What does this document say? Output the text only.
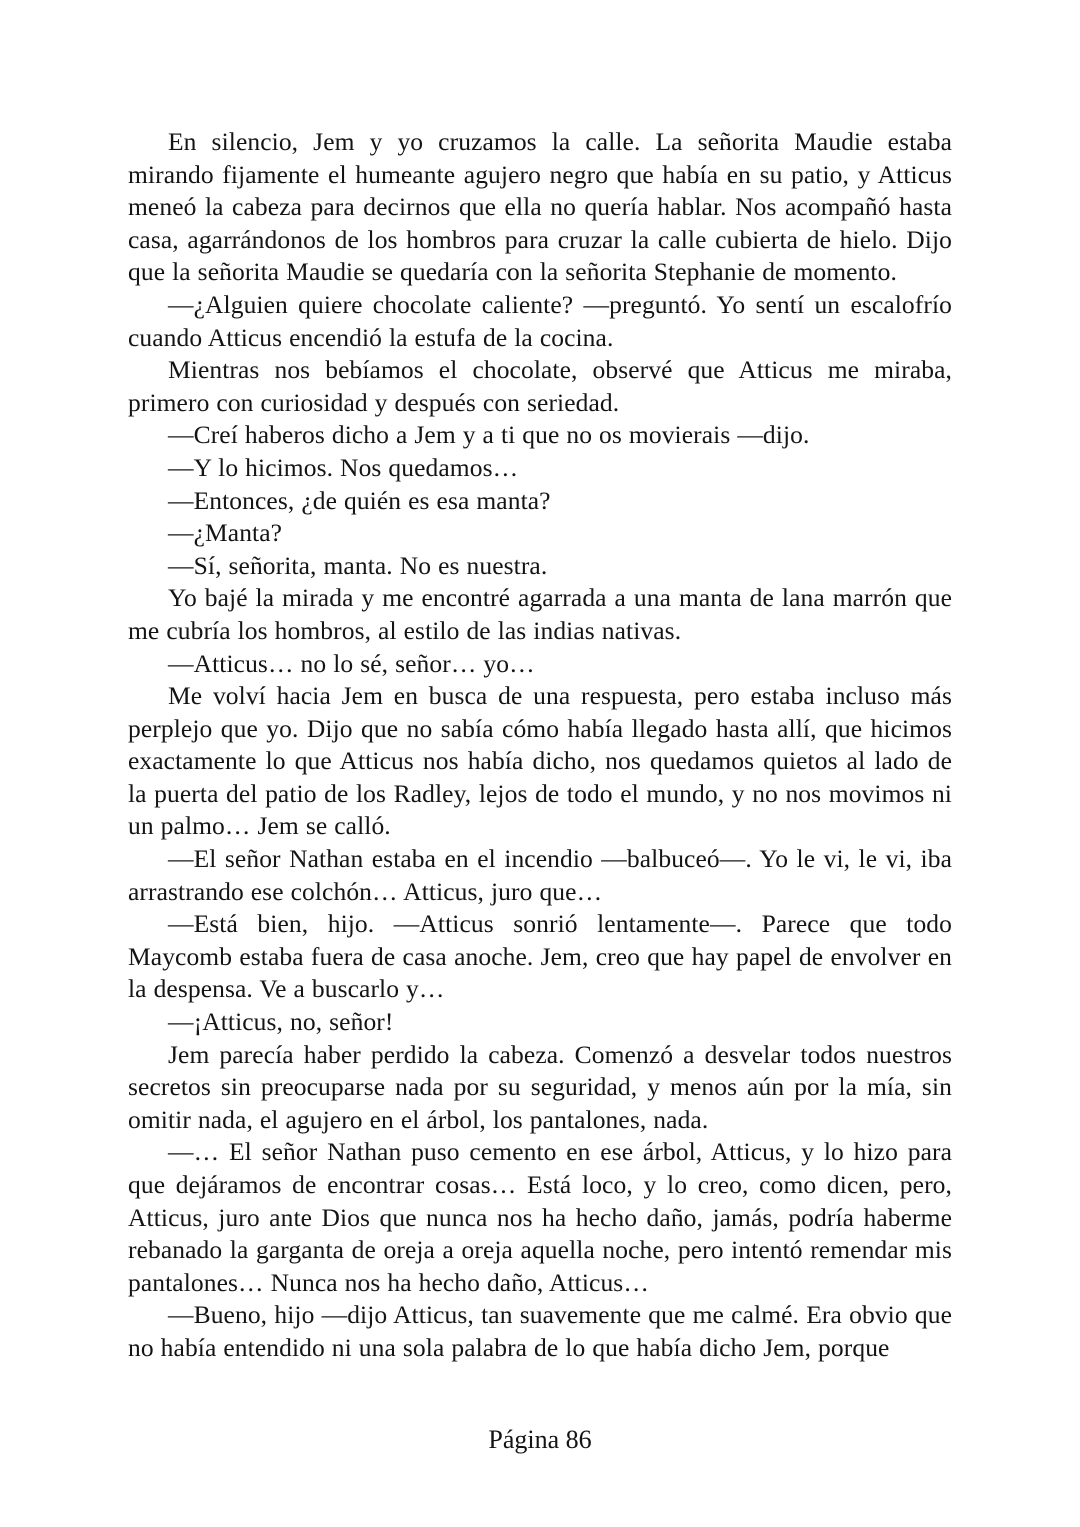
En silencio, Jem y yo cruzamos la calle. La señorita Maudie estaba mirando fijamente el humeante agujero negro que había en su patio, y Atticus meneó la cabeza para decirnos que ella no quería hablar. Nos acompañó hasta casa, agarrándonos de los hombros para cruzar la calle cubierta de hielo. Dijo que la señorita Maudie se quedaría con la señorita Stephanie de momento.

—¿Alguien quiere chocolate caliente? —preguntó. Yo sentí un escalofrío cuando Atticus encendió la estufa de la cocina.

Mientras nos bebíamos el chocolate, observé que Atticus me miraba, primero con curiosidad y después con seriedad.

—Creí haberos dicho a Jem y a ti que no os movierais —dijo.

—Y lo hicimos. Nos quedamos…

—Entonces, ¿de quién es esa manta?

—¿Manta?

—Sí, señorita, manta. No es nuestra.

Yo bajé la mirada y me encontré agarrada a una manta de lana marrón que me cubría los hombros, al estilo de las indias nativas.

—Atticus… no lo sé, señor… yo…

Me volví hacia Jem en busca de una respuesta, pero estaba incluso más perplejo que yo. Dijo que no sabía cómo había llegado hasta allí, que hicimos exactamente lo que Atticus nos había dicho, nos quedamos quietos al lado de la puerta del patio de los Radley, lejos de todo el mundo, y no nos movimos ni un palmo… Jem se calló.

—El señor Nathan estaba en el incendio —balbuceó—. Yo le vi, le vi, iba arrastrando ese colchón… Atticus, juro que…

—Está bien, hijo. —Atticus sonrió lentamente—. Parece que todo Maycomb estaba fuera de casa anoche. Jem, creo que hay papel de envolver en la despensa. Ve a buscarlo y…

—¡Atticus, no, señor!

Jem parecía haber perdido la cabeza. Comenzó a desvelar todos nuestros secretos sin preocuparse nada por su seguridad, y menos aún por la mía, sin omitir nada, el agujero en el árbol, los pantalones, nada.

—… El señor Nathan puso cemento en ese árbol, Atticus, y lo hizo para que dejáramos de encontrar cosas… Está loco, y lo creo, como dicen, pero, Atticus, juro ante Dios que nunca nos ha hecho daño, jamás, podría haberme rebanado la garganta de oreja a oreja aquella noche, pero intentó remendar mis pantalones… Nunca nos ha hecho daño, Atticus…

—Bueno, hijo —dijo Atticus, tan suavemente que me calmé. Era obvio que no había entendido ni una sola palabra de lo que había dicho Jem, porque

Página 86
